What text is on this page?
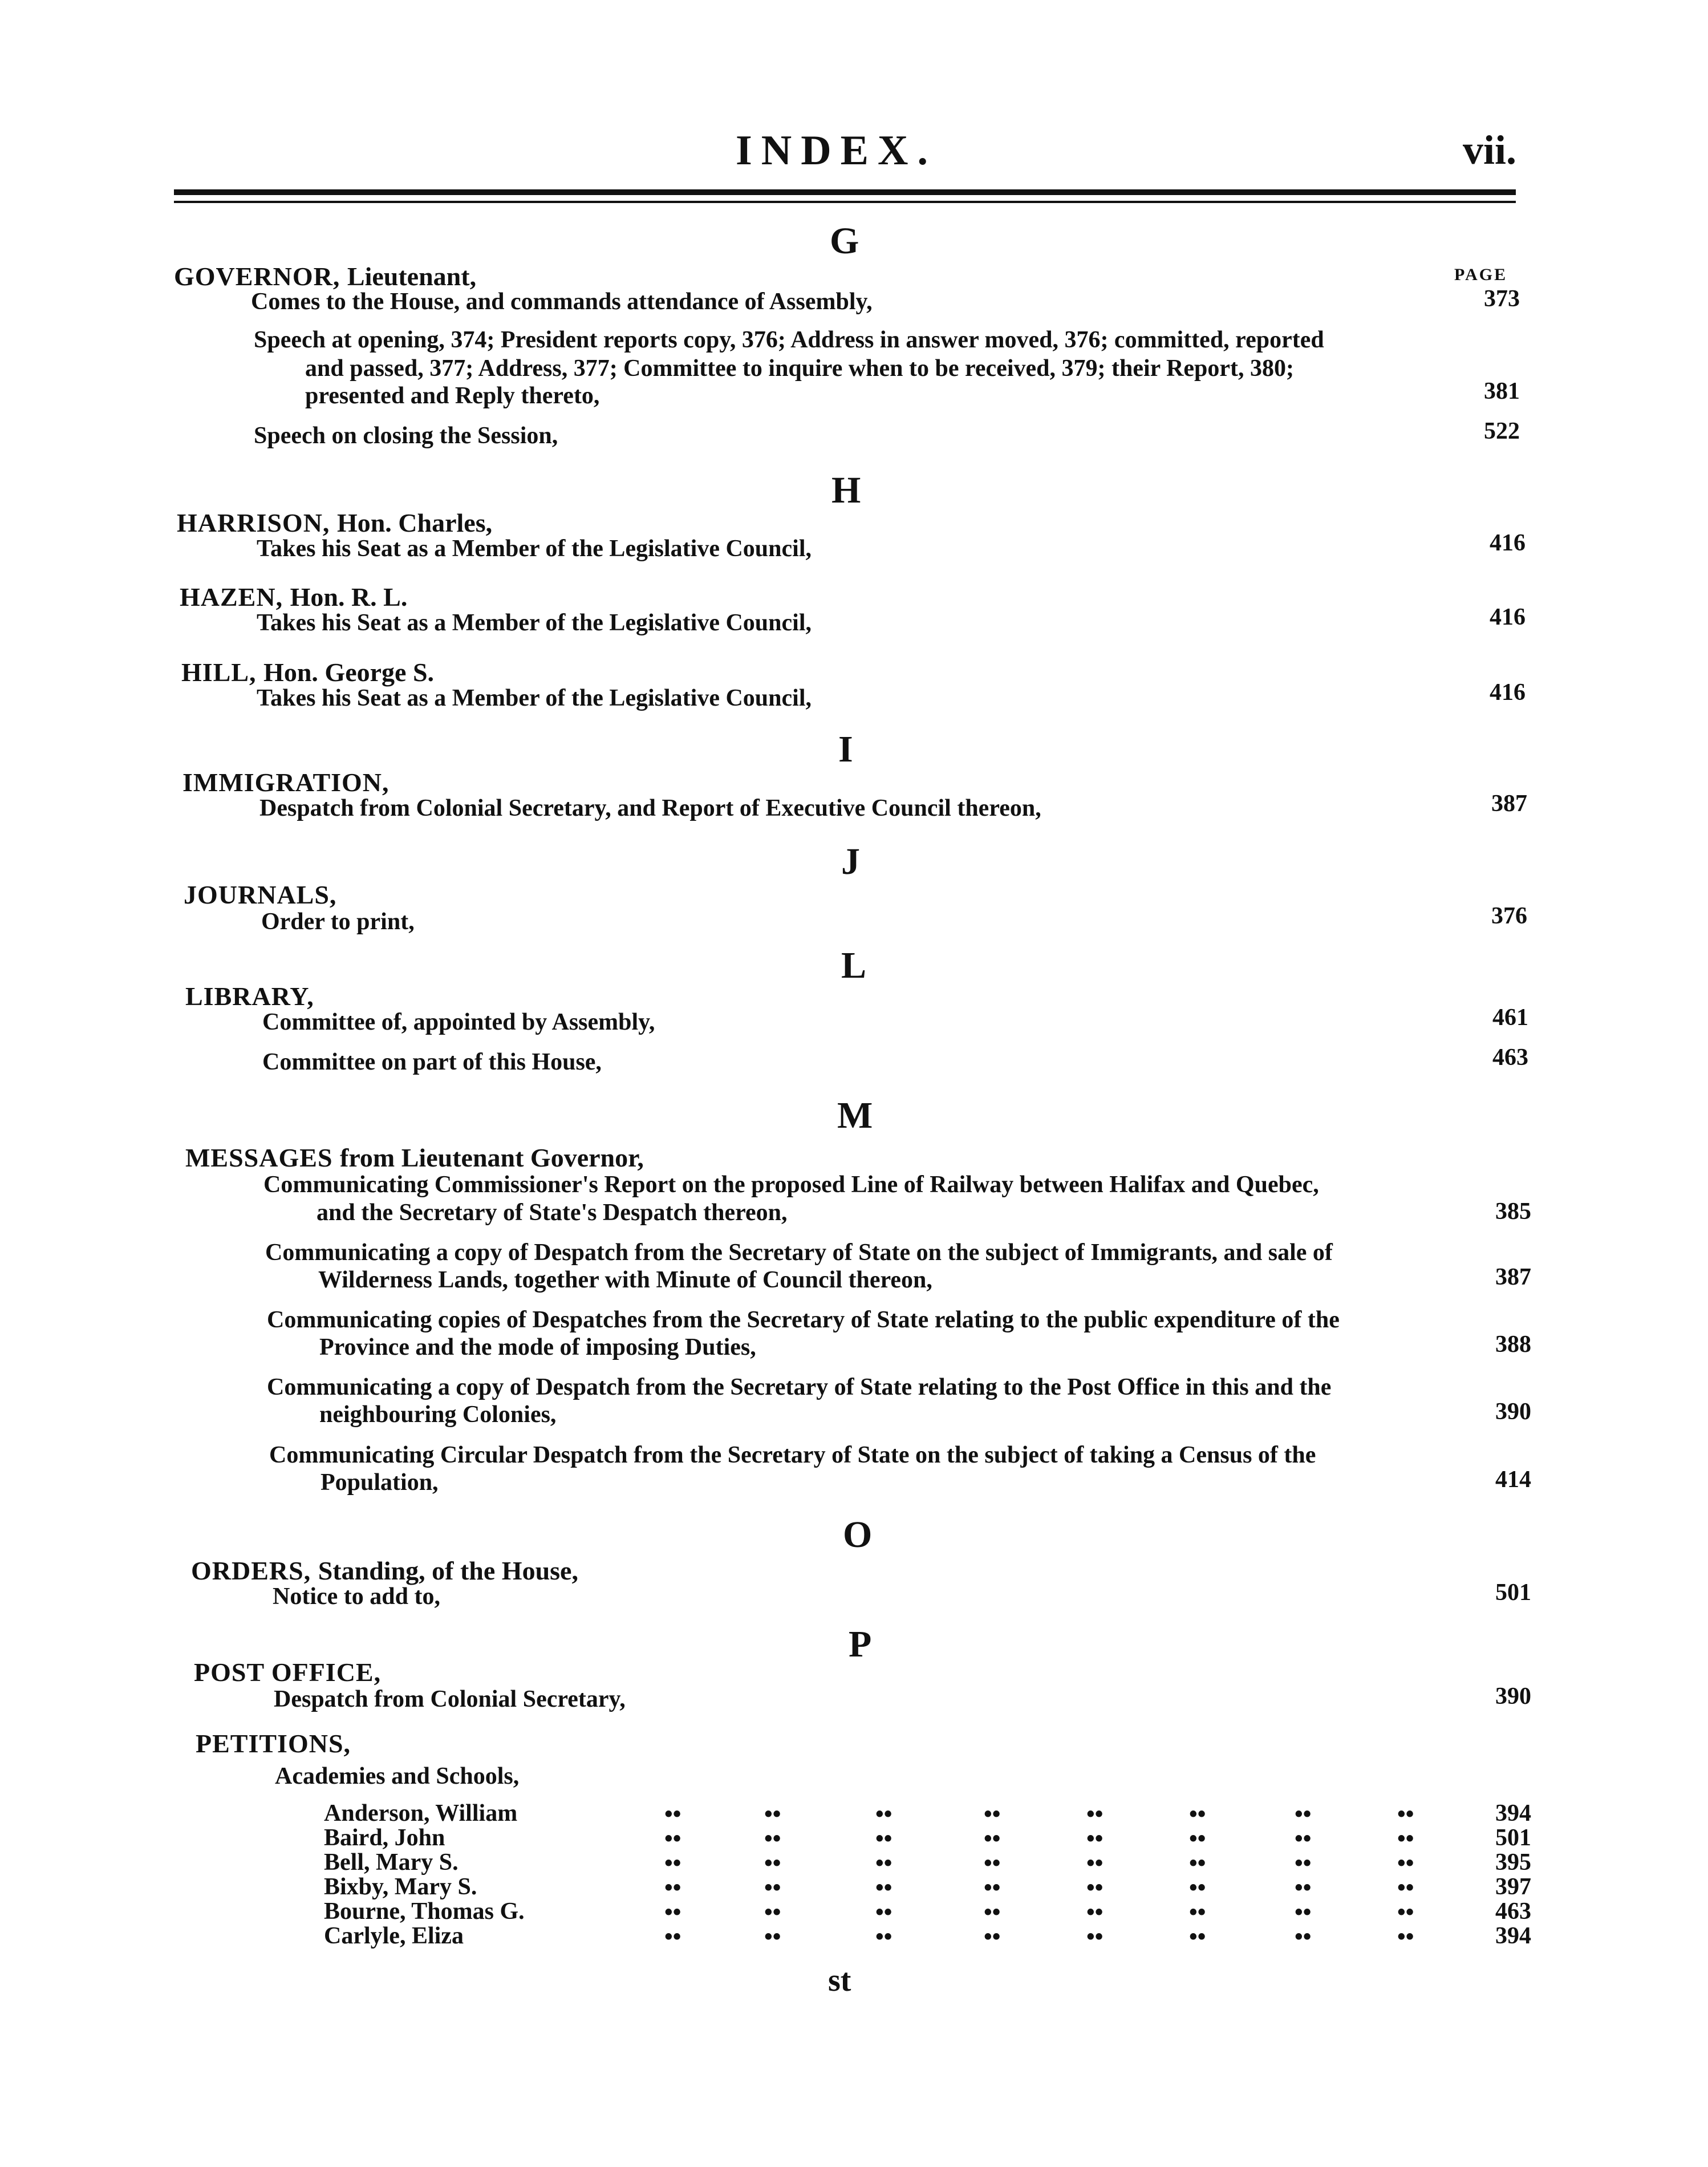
INDEX.	vii.
G
GOVERNOR, Lieutenant,	PAGE
Comes to the House, and commands attendance of Assembly,	373
Speech at opening, 374; President reports copy, 376; Address in answer moved, 376; committed, reported
and passed, 377; Address, 377; Committee to inquire when to be received, 379; their Report, 380;
presented and Reply thereto,	381
Speech on closing the Session,	522
H
HARRISON, Hon. Charles,
Takes his Seat as a Member of the Legislative Council,	416
HAZEN, Hon. R. L.
Takes his Seat as a Member of the Legislative Council,	416
HILL, Hon. George S.
Takes his Seat as a Member of the Legislative Council,	416
I
IMMIGRATION,
Despatch from Colonial Secretary, and Report of Executive Council thereon,	387
J
JOURNALS,
Order to print,	376
L
LIBRARY,
Committee of, appointed by Assembly,	461
Committee on part of this House,	463
M
MESSAGES from Lieutenant Governor,
Communicating Commissioner's Report on the proposed Line of Railway between Halifax and Quebec,
and the Secretary of State's Despatch thereon,	385
Communicating a copy of Despatch from the Secretary of State on the subject of Immigrants, and sale of
Wilderness Lands, together with Minute of Council thereon,	387
Communicating copies of Despatches from the Secretary of State relating to the public expenditure of the
Province and the mode of imposing Duties,	388
Communicating a copy of Despatch from the Secretary of State relating to the Post Office in this and the
neighbouring Colonies,	390
Communicating Circular Despatch from the Secretary of State on the subject of taking a Census of the
Population,	414
O
ORDERS, Standing, of the House,
Notice to add to,	501
P
POST OFFICE,
Despatch from Colonial Secretary,	390
PETITIONS,
Academies and Schools,
Anderson, William	••	••	••	••	••	••	••	••	394
Baird, John	••	••	••	••	••	••	••	••	501
Bell, Mary S.	••	••	••	••	••	••	••	••	395
Bixby, Mary S.	••	••	••	••	••	••	••	••	397
Bourne, Thomas G.	••	••	••	••	••	••	••	••	463
Carlyle, Eliza	••	••	••	••	••	••	••	••	394
st
